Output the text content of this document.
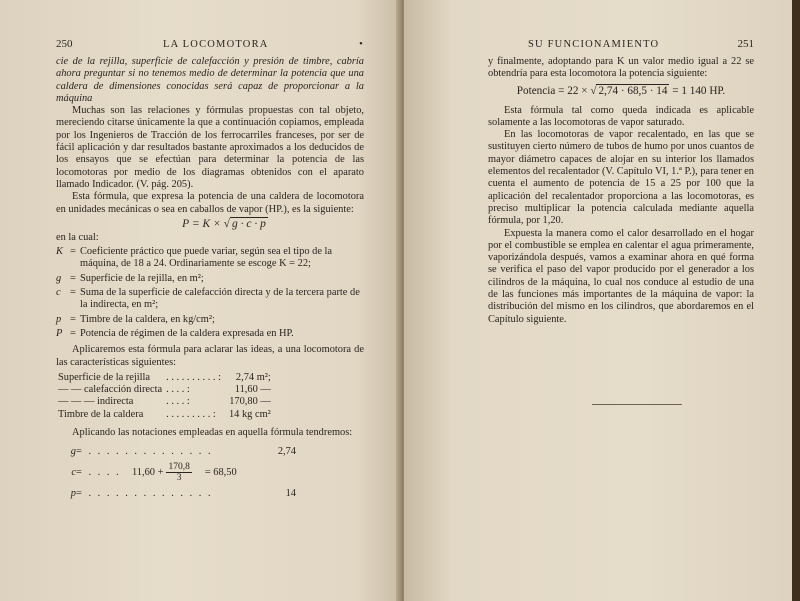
250	LA LOCOMOTORA	•

cie de la rejilla, superficie de calefacción y presión de timbre, cabría ahora preguntar si no tenemos medio de determinar la potencia que una caldera de dimensiones conocidas será capaz de proporcionar a la máquina

Muchas son las relaciones y fórmulas propuestas con tal objeto, mereciendo citarse únicamente la que a continuación copiamos, empleada por los Ingenieros de Tracción de los ferrocarriles franceses, por ser de fácil aplicación y dar resultados bastante aproximados a los deducidos de los ensayos que se efectúan para determinar la potencia de las locomotoras por medio de los diagramas obtenidos con el aparato llamado Indicador. (V. pág. 205).

Esta fórmula, que expresa la potencia de una caldera de locomotora en unidades mecánicas o sea en caballos de vapor (HP.), es la siguiente:

P = K × √ g · c · p

en la cual:

K = Coeficiente práctico que puede variar, según sea el tipo de la máquina, de 18 a 24. Ordinariamente se escoge K = 22;
g = Superficie de la rejilla, en m²;
c = Suma de la superficie de calefacción directa y de la tercera parte de la indirecta, en m²;
p = Timbre de la caldera, en kg/cm²;
P = Potencia de régimen de la caldera expresada en HP.

Aplicaremos esta fórmula para aclarar las ideas, a una locomotora de las características siguientes:

Superficie de la rejilla	. . . . . . . . . . :	2,74 m²;
— — calefacción directa	. . . . :	11,60 —
— — — indirecta	. . . . :	170,80 —
Timbre de la caldera	. . . . . . . . . :	14 kg cm²

Aplicando las notaciones empleadas en aquella fórmula tendremos:

g = . . . . . . . . . . . . . .	2,74
c = . . . .	$11,60 + \frac{170,8}{3} = 68,50$
p = . . . . . . . . . . . . . .	14
SU FUNCIONAMIENTO	251

y finalmente, adoptando para K un valor medio igual a 22 se obtendría para esta locomotora la potencia siguiente:

Potencia = 22 × √ 2,74 · 68,5 · 14 = 1 140 HP.

Esta fórmula tal como queda indicada es aplicable solamente a las locomotoras de vapor saturado.

En las locomotoras de vapor recalentado, en las que se sustituyen cierto número de tubos de humo por unos cuantos de mayor diámetro capaces de alojar en su interior los llamados elementos del recalentador (V. Capítulo VI, 1.ª P.), para tener en cuenta el aumento de potencia de 15 a 25 por 100 que la aplicación del recalentador proporciona a las locomotoras, es preciso multiplicar la potencia calculada mediante aquella fórmula, por 1,20.

Expuesta la manera como el calor desarrollado en el hogar por el combustible se emplea en calentar el agua primeramente, vaporizándola después, vamos a examinar ahora en qué forma se verifica el paso del vapor producido por el generador a los cilindros de la máquina, lo cual nos conduce al estudio de una de las funciones más importantes de la máquina de vapor: la distribución del mismo en los cilindros, que abordaremos en el Capítulo siguiente.
